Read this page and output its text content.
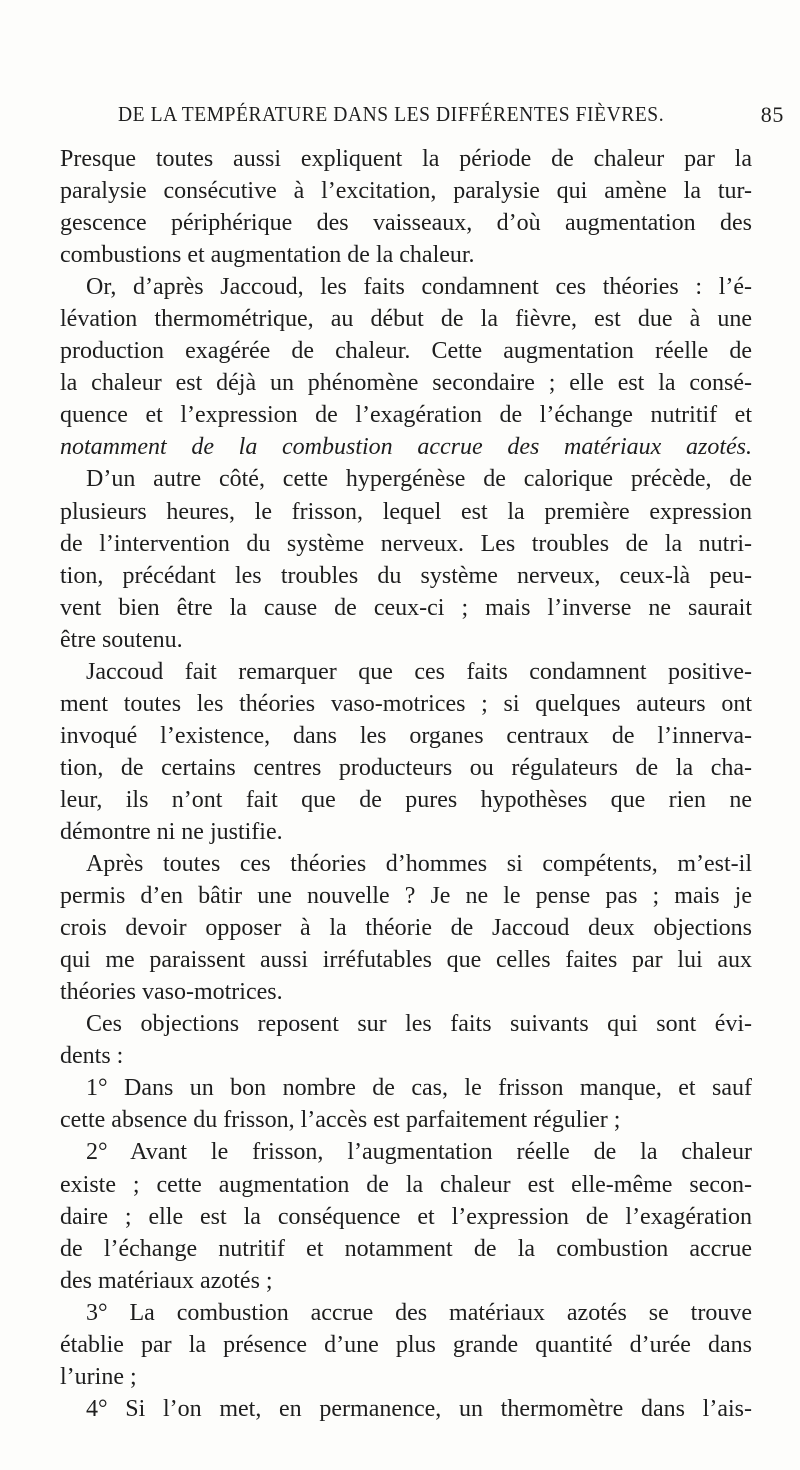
DE LA TEMPÉRATURE DANS LES DIFFÉRENTES FIÈVRES.	85
Presque toutes aussi expliquent la période de chaleur par la
paralysie consécutive à l’excitation, paralysie qui amène la tur-
gescence périphérique des vaisseaux, d’où augmentation des
combustions et augmentation de la chaleur.
Or, d’après Jaccoud, les faits condamnent ces théories : l’é-
lévation thermométrique, au début de la fièvre, est due à une
production exagérée de chaleur. Cette augmentation réelle de
la chaleur est déjà un phénomène secondaire ; elle est la consé-
quence et l’expression de l’exagération de l’échange nutritif et
notamment de la combustion accrue des matériaux azotés.
D’un autre côté, cette hypergénèse de calorique précède, de
plusieurs heures, le frisson, lequel est la première expression
de l’intervention du système nerveux. Les troubles de la nutri-
tion, précédant les troubles du système nerveux, ceux-là peu-
vent bien être la cause de ceux-ci ; mais l’inverse ne saurait
être soutenu.
Jaccoud fait remarquer que ces faits condamnent positive-
ment toutes les théories vaso-motrices ; si quelques auteurs ont
invoqué l’existence, dans les organes centraux de l’innerva-
tion, de certains centres producteurs ou régulateurs de la cha-
leur, ils n’ont fait que de pures hypothèses que rien ne
démontre ni ne justifie.
Après toutes ces théories d’hommes si compétents, m’est-il
permis d’en bâtir une nouvelle ? Je ne le pense pas ; mais je
crois devoir opposer à la théorie de Jaccoud deux objections
qui me paraissent aussi irréfutables que celles faites par lui aux
théories vaso-motrices.
Ces objections reposent sur les faits suivants qui sont évi-
dents :
1° Dans un bon nombre de cas, le frisson manque, et sauf
cette absence du frisson, l’accès est parfaitement régulier ;
2° Avant le frisson, l’augmentation réelle de la chaleur
existe ; cette augmentation de la chaleur est elle-même secon-
daire ; elle est la conséquence et l’expression de l’exagération
de l’échange nutritif et notamment de la combustion accrue
des matériaux azotés ;
3° La combustion accrue des matériaux azotés se trouve
établie par la présence d’une plus grande quantité d’urée dans
l’urine ;
4° Si l’on met, en permanence, un thermomètre dans l’ais-
